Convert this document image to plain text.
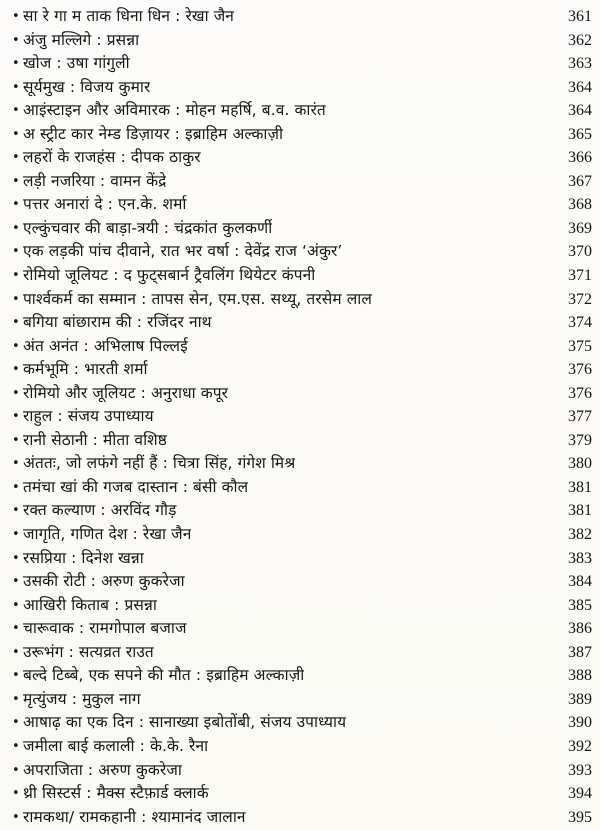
• सा रे गा म ताक धिना धिन : रेखा जैन	361
• अंजु मल्लिगे : प्रसन्ना	362
• खोज : उषा गांगुली	363
• सूर्यमुख : विजय कुमार	364
• आइंस्टाइन और अविमारक : मोहन महर्षि, ब.व. कारंत	364
• अ स्ट्रीट कार नेम्ड डिज़ायर : इब्राहिम अल्काज़ी	365
• लहरों के राजहंस : दीपक ठाकुर	366
• लड़ी नजरिया : वामन केंद्रे	367
• पत्तर अनारां दे : एन.के. शर्मा	368
• एल्कुंचवार की बाड़ा-त्रयी : चंद्रकांत कुलकर्णी	369
• एक लड़की पांच दीवाने, रात भर वर्षा : देवेंद्र राज ‘अंकुर’	370
• रोमियो जूलियट : द फुट्सबार्न ट्रैवलिंग थियेटर कंपनी	371
• पार्श्वकर्म का सम्मान : तापस सेन, एम.एस. सथ्यू, तरसेम लाल	372
• बगिया बांछाराम की : रजिंदर नाथ	374
• अंत अनंत : अभिलाष पिल्लई	375
• कर्मभूमि : भारती शर्मा	376
• रोमियो और जूलियट : अनुराधा कपूर	376
• राहुल : संजय उपाध्याय	377
• रानी सेठानी : मीता वशिष्ठ	379
• अंततः, जो लफंगे नहीं हैं : चित्रा सिंह, गंगेश मिश्र	380
• तमंचा खां की गजब दास्तान : बंसी कौल	381
• रक्त कल्याण : अरविंद गौड़	381
• जागृति, गणित देश : रेखा जैन	382
• रसप्रिया : दिनेश खन्ना	383
• उसकी रोटी : अरुण कुकरेजा	384
• आखिरी किताब : प्रसन्ना	385
• चारूवाक : रामगोपाल बजाज	386
• उरूभंग : सत्यव्रत राउत	387
• बल्दे टिब्बे, एक सपने की मौत : इब्राहिम अल्काज़ी	388
• मृत्युंजय : मुकुल नाग	389
• आषाढ़ का एक दिन : सानाख्या इबोतोंबी, संजय उपाध्याय	390
• जमीला बाई कलाली : के.के. रैना	392
• अपराजिता : अरुण कुकरेजा	393
• थ्री सिस्टर्स : मैक्स स्टैफ़ार्ड क्लार्क	394
• रामकथा/ रामकहानी : श्यामानंद जालान	395
